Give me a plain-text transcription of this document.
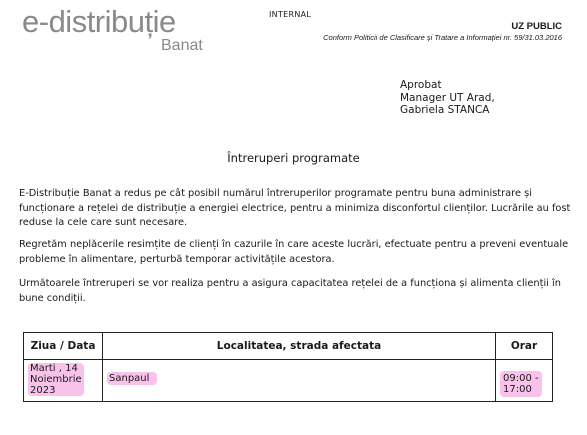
e-distribuție
Banat
INTERNAL
UZ PUBLIC
Conform Politicii de Clasificare și Tratare a Informației nr. 59/31.03.2016
Aprobat
Manager UT Arad,
Gabriela STANCA
Întreruperi programate
E-Distribuție Banat a redus pe cât posibil numărul întreruperilor programate pentru buna administrare și funcționare a rețelei de distribuție a energiei electrice, pentru a minimiza disconfortul clienților. Lucrările au fost reduse la cele care sunt necesare.
Regretăm neplăcerile resimțite de clienți în cazurile în care aceste lucrări, efectuate pentru a preveni eventuale probleme în alimentare, perturbă temporar activitățile acestora.
Următoarele întreruperi se vor realiza pentru a asigura capacitatea rețelei de a funcționa și alimenta clienții în bune condiții.
Ziua / Data	Localitatea, strada afectata	Orar
Marti , 14
Noiembrie
2023	Sanpaul	09:00 -
17:00
